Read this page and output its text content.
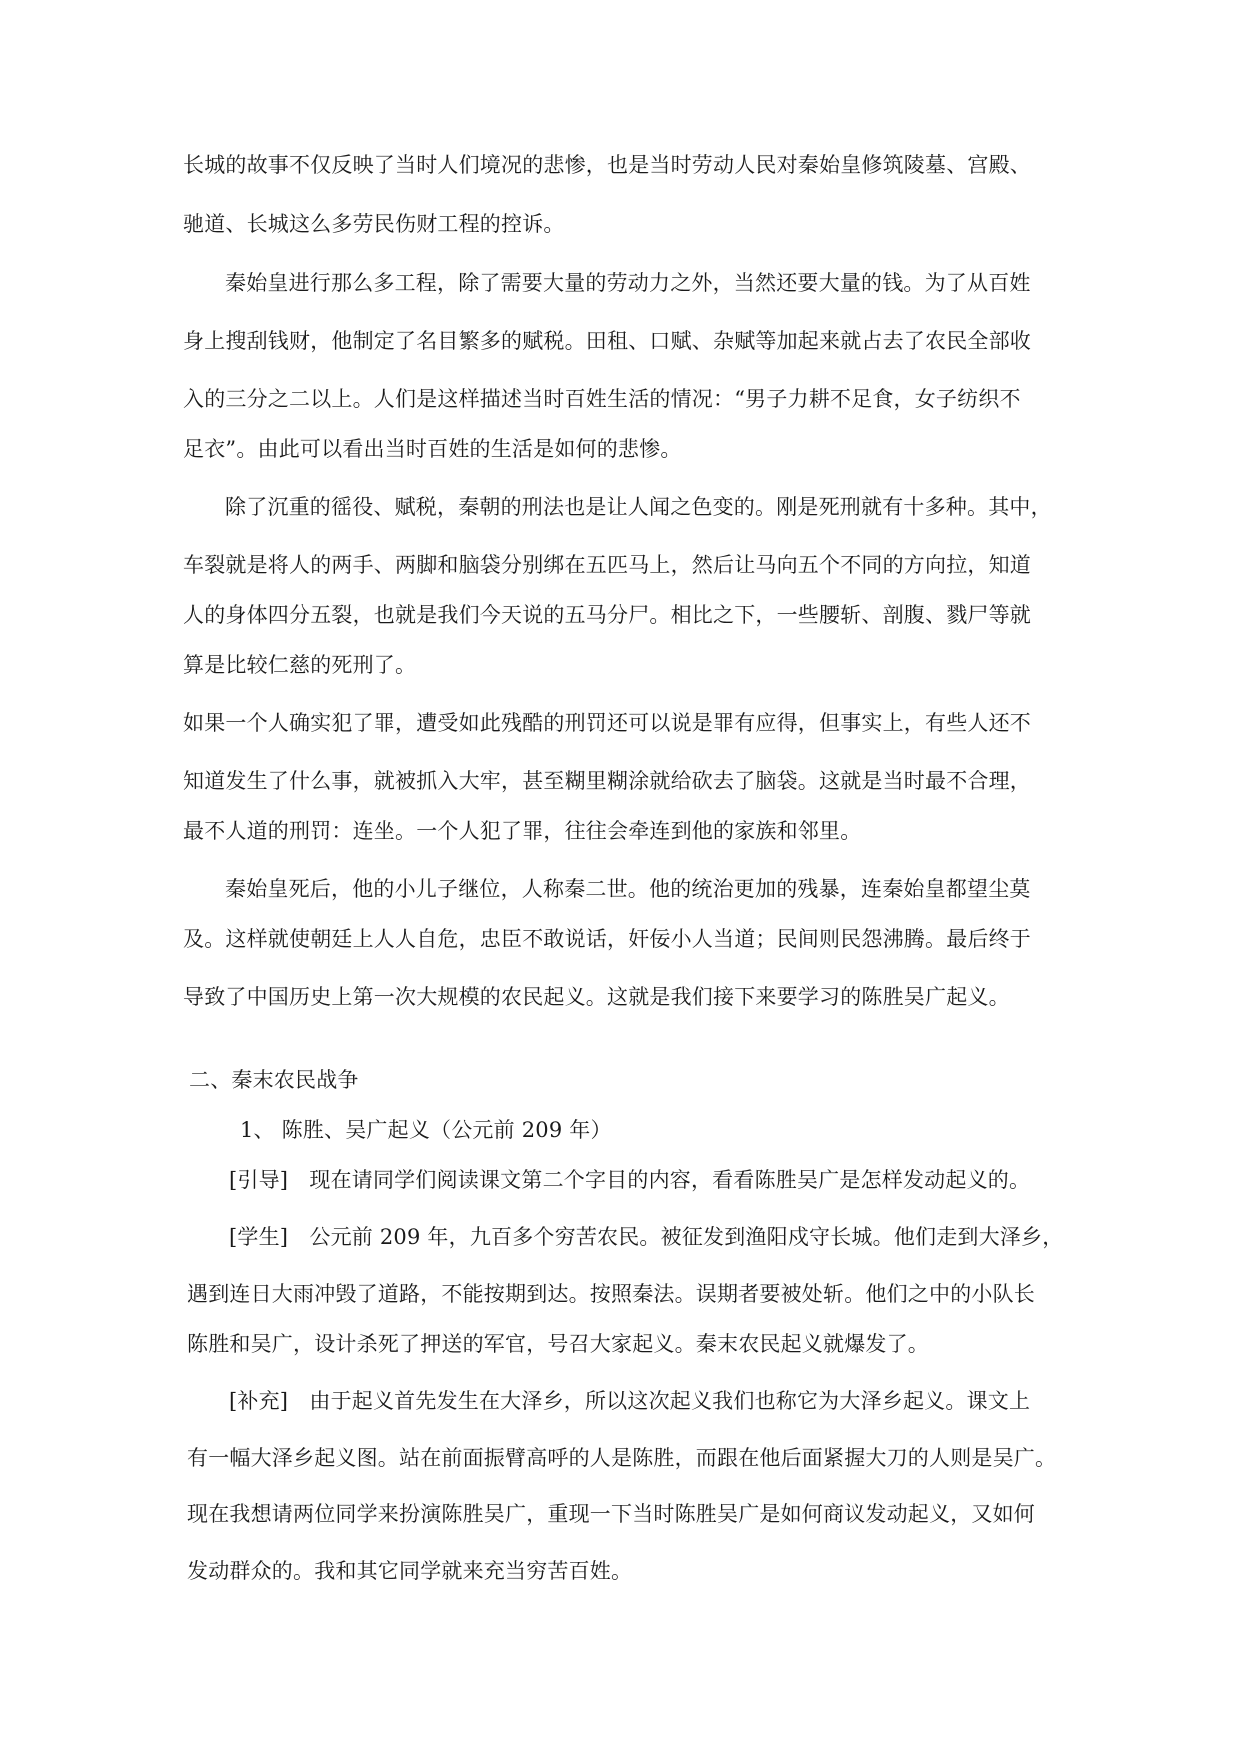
长城的故事不仅反映了当时人们境况的悲惨，也是当时劳动人民对秦始皇修筑陵墓、宫殿、
驰道、长城这么多劳民伤财工程的控诉。
秦始皇进行那么多工程，除了需要大量的劳动力之外，当然还要大量的钱。为了从百姓
身上搜刮钱财，他制定了名目繁多的赋税。田租、口赋、杂赋等加起来就占去了农民全部收
入的三分之二以上。人们是这样描述当时百姓生活的情况：“男子力耕不足食，女子纺织不
足衣”。由此可以看出当时百姓的生活是如何的悲惨。
除了沉重的徭役、赋税，秦朝的刑法也是让人闻之色变的。刚是死刑就有十多种。其中，
车裂就是将人的两手、两脚和脑袋分别绑在五匹马上，然后让马向五个不同的方向拉，知道
人的身体四分五裂，也就是我们今天说的五马分尸。相比之下，一些腰斩、剖腹、戮尸等就
算是比较仁慈的死刑了。
如果一个人确实犯了罪，遭受如此残酷的刑罚还可以说是罪有应得，但事实上，有些人还不
知道发生了什么事，就被抓入大牢，甚至糊里糊涂就给砍去了脑袋。这就是当时最不合理，
最不人道的刑罚：连坐。一个人犯了罪，往往会牵连到他的家族和邻里。
秦始皇死后，他的小儿子继位，人称秦二世。他的统治更加的残暴，连秦始皇都望尘莫
及。这样就使朝廷上人人自危，忠臣不敢说话，奸佞小人当道；民间则民怨沸腾。最后终于
导致了中国历史上第一次大规模的农民起义。这就是我们接下来要学习的陈胜吴广起义。
二、秦末农民战争
1、 陈胜、吴广起义（公元前 209 年）
[引导]　现在请同学们阅读课文第二个字目的内容，看看陈胜吴广是怎样发动起义的。
[学生]　公元前 209 年，九百多个穷苦农民。被征发到渔阳戍守长城。他们走到大泽乡，
遇到连日大雨冲毁了道路，不能按期到达。按照秦法。误期者要被处斩。他们之中的小队长
陈胜和吴广，设计杀死了押送的军官，号召大家起义。秦末农民起义就爆发了。
[补充]　由于起义首先发生在大泽乡，所以这次起义我们也称它为大泽乡起义。课文上
有一幅大泽乡起义图。站在前面振臂高呼的人是陈胜，而跟在他后面紧握大刀的人则是吴广。
现在我想请两位同学来扮演陈胜吴广，重现一下当时陈胜吴广是如何商议发动起义，又如何
发动群众的。我和其它同学就来充当穷苦百姓。
